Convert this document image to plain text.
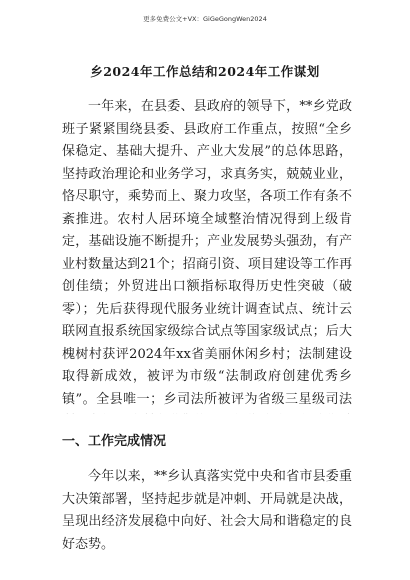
更多免费公文+VX：GiGeGongWen2024
乡2024年工作总结和2024年工作谋划

一年来，在县委、县政府的领导下，**乡党政班子紧紧围绕县委、县政府工作重点，按照“全乡保稳定、基础大提升、产业大发展”的总体思路，坚持政治理论和业务学习，求真务实，兢兢业业，恪尽职守，乘势而上、聚力攻坚，各项工作有条不紊推进。农村人居环境全域整治情况得到上级肯定，基础设施不断提升；产业发展势头强劲，有产业村数量达到21个；招商引资、项目建设等工作再创佳绩；外贸进出口额指标取得历史性突破（破零）；先后获得现代服务业统计调查试点、统计云联网直报系统国家级综合试点等国家级试点；后大槐树村获评2024年xx省美丽休闲乡村；法制建设取得新成效，被评为市级“法制政府创建优秀乡镇”。全县唯一；乡司法所被评为省级三星级司法

一、工作完成情况

今年以来，**乡认真落实党中央和省市县委重大决策部署，坚持起步就是冲刺、开局就是决战，呈现出经济发展稳中向好、社会大局和谐稳定的良好态势。
